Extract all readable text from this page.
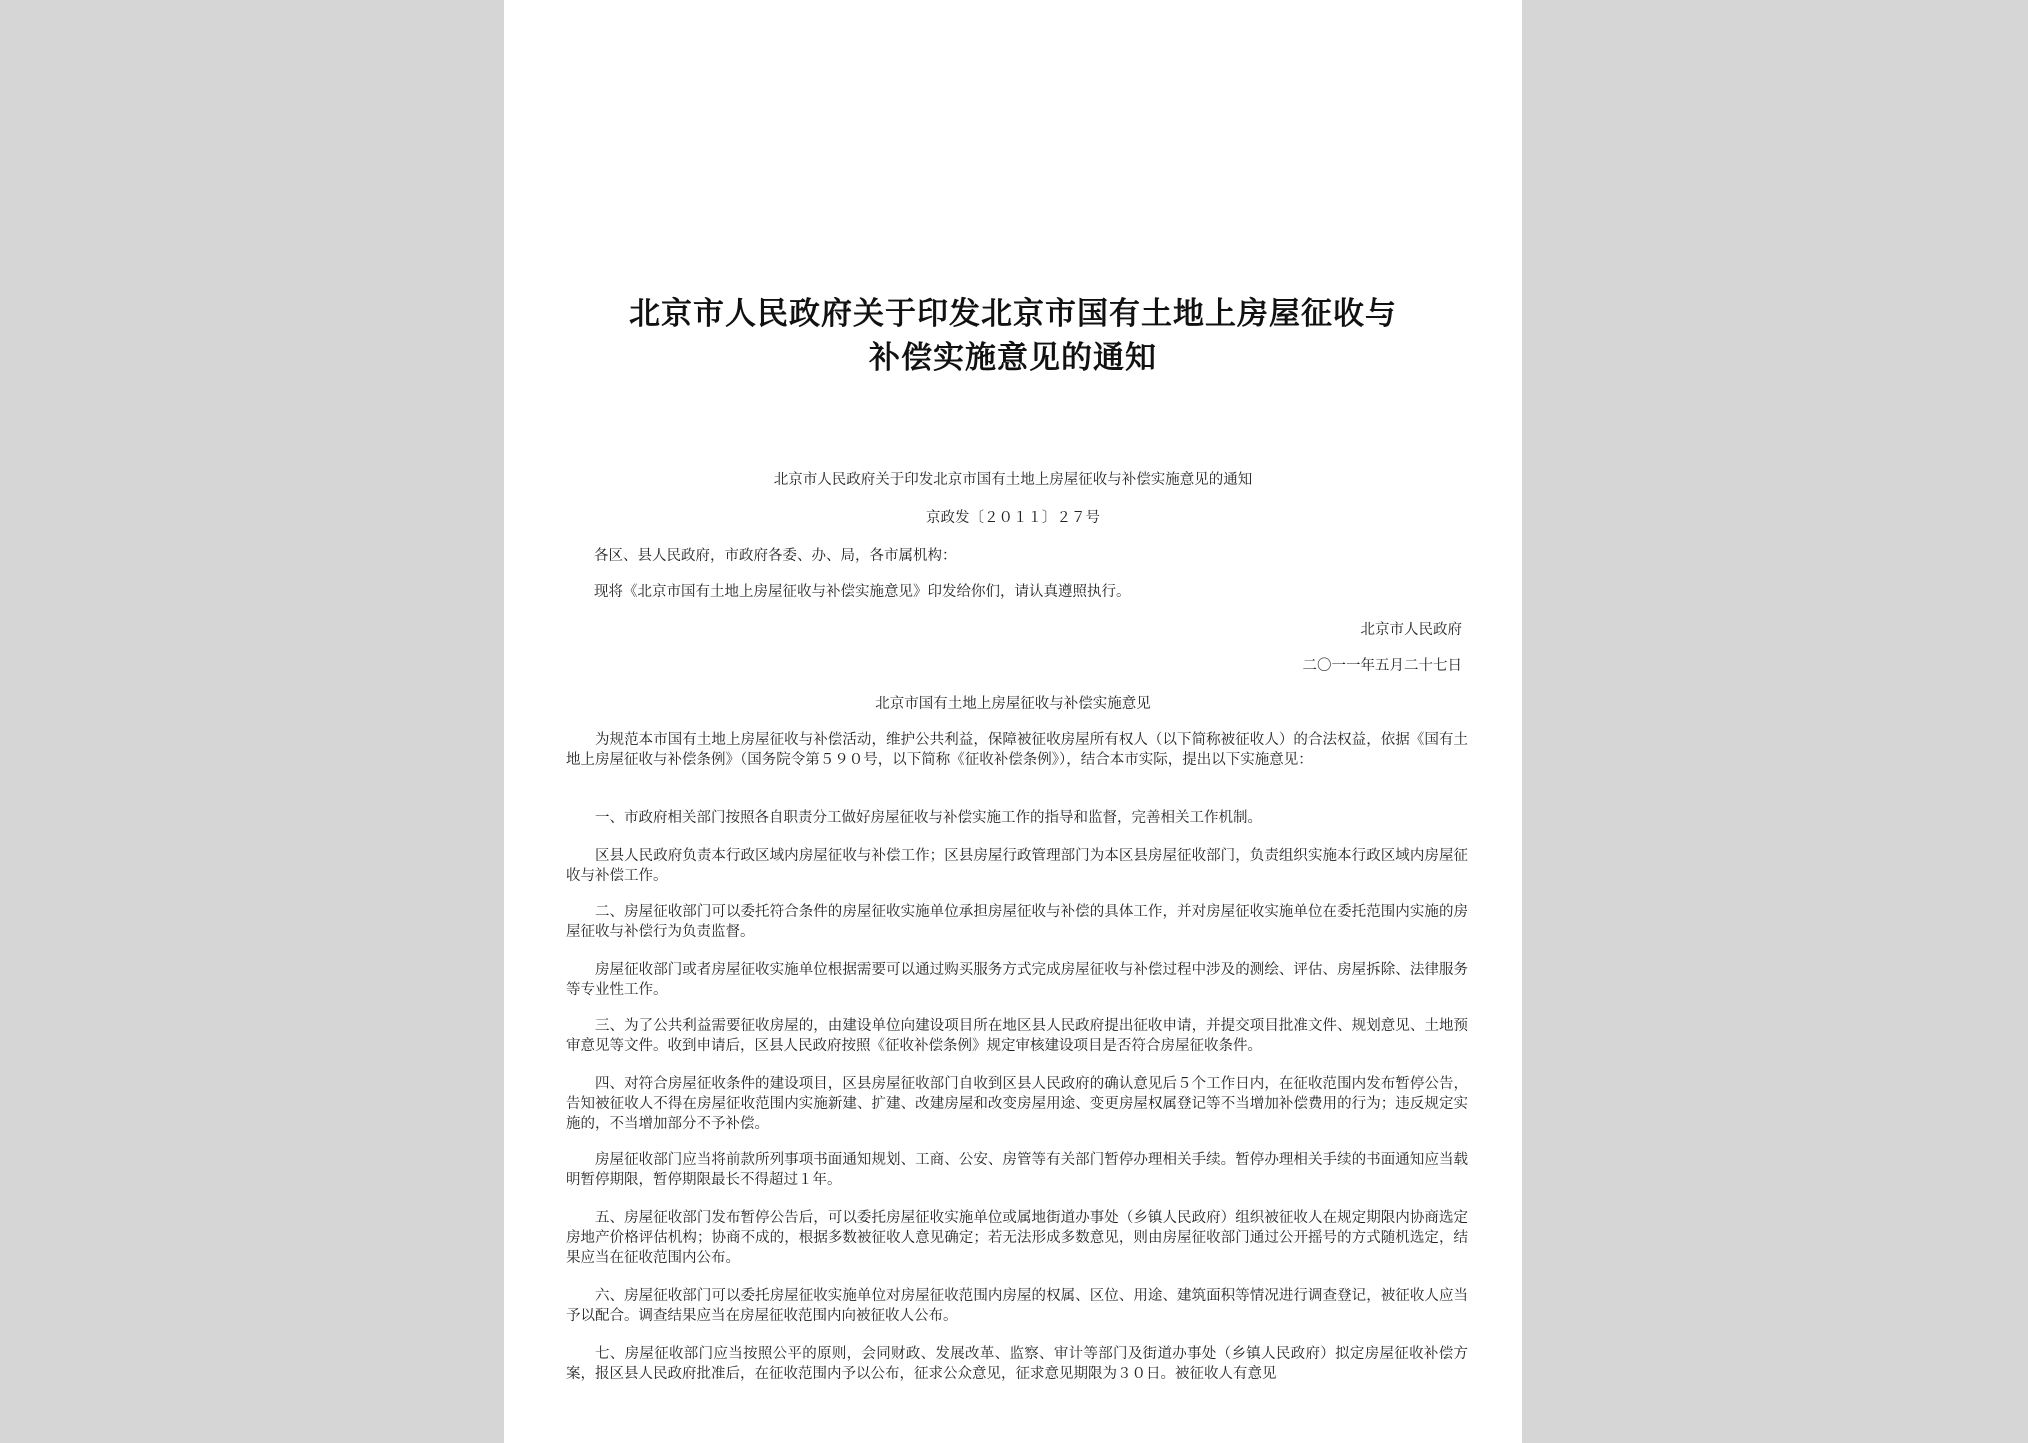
北京市人民政府关于印发北京市国有土地上房屋征收与
补偿实施意见的通知
北京市人民政府关于印发北京市国有土地上房屋征收与补偿实施意见的通知
京政发〔２０１１〕２７号
各区、县人民政府，市政府各委、办、局，各市属机构：
现将《北京市国有土地上房屋征收与补偿实施意见》印发给你们，请认真遵照执行。
北京市人民政府
二〇一一年五月二十七日
北京市国有土地上房屋征收与补偿实施意见

为规范本市国有土地上房屋征收与补偿活动，维护公共利益，保障被征收房屋所有权人（以下简称被征收人）的合法权益，依据《国有土地上房屋征收与补偿条例》（国务院令第５９０号，以下简称《征收补偿条例》），结合本市实际，提出以下实施意见：

一、市政府相关部门按照各自职责分工做好房屋征收与补偿实施工作的指导和监督，完善相关工作机制。

区县人民政府负责本行政区域内房屋征收与补偿工作；区县房屋行政管理部门为本区县房屋征收部门，负责组织实施本行政区域内房屋征收与补偿工作。

二、房屋征收部门可以委托符合条件的房屋征收实施单位承担房屋征收与补偿的具体工作，并对房屋征收实施单位在委托范围内实施的房屋征收与补偿行为负责监督。

房屋征收部门或者房屋征收实施单位根据需要可以通过购买服务方式完成房屋征收与补偿过程中涉及的测绘、评估、房屋拆除、法律服务等专业性工作。

三、为了公共利益需要征收房屋的，由建设单位向建设项目所在地区县人民政府提出征收申请，并提交项目批准文件、规划意见、土地预审意见等文件。收到申请后，区县人民政府按照《征收补偿条例》规定审核建设项目是否符合房屋征收条件。

四、对符合房屋征收条件的建设项目，区县房屋征收部门自收到区县人民政府的确认意见后５个工作日内，在征收范围内发布暂停公告，告知被征收人不得在房屋征收范围内实施新建、扩建、改建房屋和改变房屋用途、变更房屋权属登记等不当增加补偿费用的行为；违反规定实施的，不当增加部分不予补偿。

房屋征收部门应当将前款所列事项书面通知规划、工商、公安、房管等有关部门暂停办理相关手续。暂停办理相关手续的书面通知应当载明暂停期限，暂停期限最长不得超过１年。

五、房屋征收部门发布暂停公告后，可以委托房屋征收实施单位或属地街道办事处（乡镇人民政府）组织被征收人在规定期限内协商选定房地产价格评估机构；协商不成的，根据多数被征收人意见确定；若无法形成多数意见，则由房屋征收部门通过公开摇号的方式随机选定，结果应当在征收范围内公布。

六、房屋征收部门可以委托房屋征收实施单位对房屋征收范围内房屋的权属、区位、用途、建筑面积等情况进行调查登记，被征收人应当予以配合。调查结果应当在房屋征收范围内向被征收人公布。

七、房屋征收部门应当按照公平的原则，会同财政、发展改革、监察、审计等部门及街道办事处（乡镇人民政府）拟定房屋征收补偿方案，报区县人民政府批准后，在征收范围内予以公布，征求公众意见，征求意见期限为３０日。被征收人有意见
